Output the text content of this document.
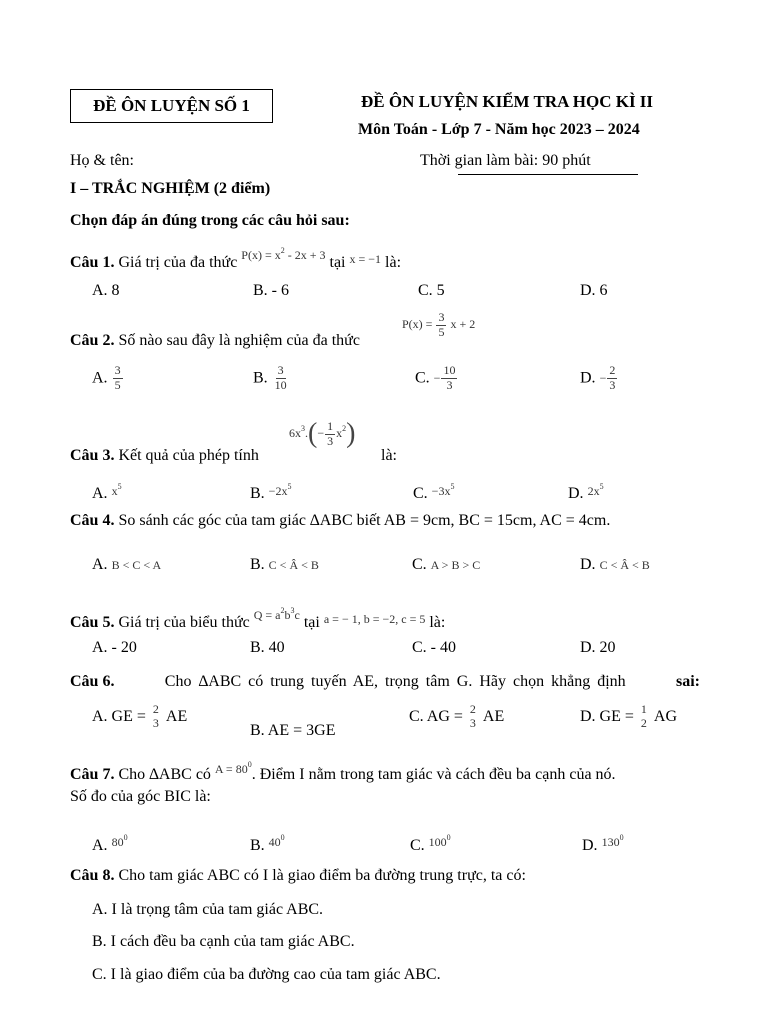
ĐỀ ÔN LUYỆN SỐ 1	ĐỀ ÔN LUYỆN KIỂM TRA HỌC KÌ II
Môn Toán - Lớp 7 - Năm học 2023 – 2024
Họ & tên:	Thời gian làm bài: 90 phút
I – TRẮC NGHIỆM (2 điểm)
Chọn đáp án đúng trong các câu hỏi sau:
Câu 1. Giá trị của đa thức $^{P(x) = x^2 - 2x + 3}$ tại $^{x = -1}$ là:
A. 8	B. - 6	C. 5	D. 6
Câu 2. Số nào sau đây là nghiệm của đa thức
$P(x) = \frac{3}{5}$ x + 2
A. $\frac{3}{5}$	B. $\frac{3}{10}$	C. − $\frac{10}{3}$	D. − $\frac{2}{3}$
$6x^3.(- \frac{1}{3} x^2)$
Câu 3. Kết quả của phép tính	là:
A. $x^5$	B. $-2x^5$	C. $-3x^5$	D. $2x^5$
Câu 4. So sánh các góc của tam giác ∆ABC biết AB = 9cm, BC = 15cm, AC = 4cm.
A. B < C < A	B. C < Â < B	C. A > B > C	D. C < Â < B
Câu 5. Giá trị của biểu thức $^{Q = a^2b^3c}$ tại $^{a = - 1, b = -2, c = 5}$ là:
A. - 20	B. 40	C. - 40	D. 20
Câu 6.	Cho ∆ABC có trung tuyến AE, trọng tâm G. Hãy chọn khẳng định	sai:
A. GE = 2
3 AE
B. AE = 3GE
C. AG = 2
3 AE	D. GE = 1
2 AG
Câu 7. Cho ∆ABC có $^{A = 80^0}$. Điểm I nằm trong tam giác và cách đều ba cạnh của nó.
Số đo của góc BIC là:
A. $^{80^0}$	B. $^{40^0}$	C. $^{100^0}$	D. $^{130^0}$
Câu 8. Cho tam giác ABC có I là giao điểm ba đường trung trực, ta có:
A. I là trọng tâm của tam giác ABC.
B. I cách đều ba cạnh của tam giác ABC.
C. I là giao điểm của ba đường cao của tam giác ABC.
